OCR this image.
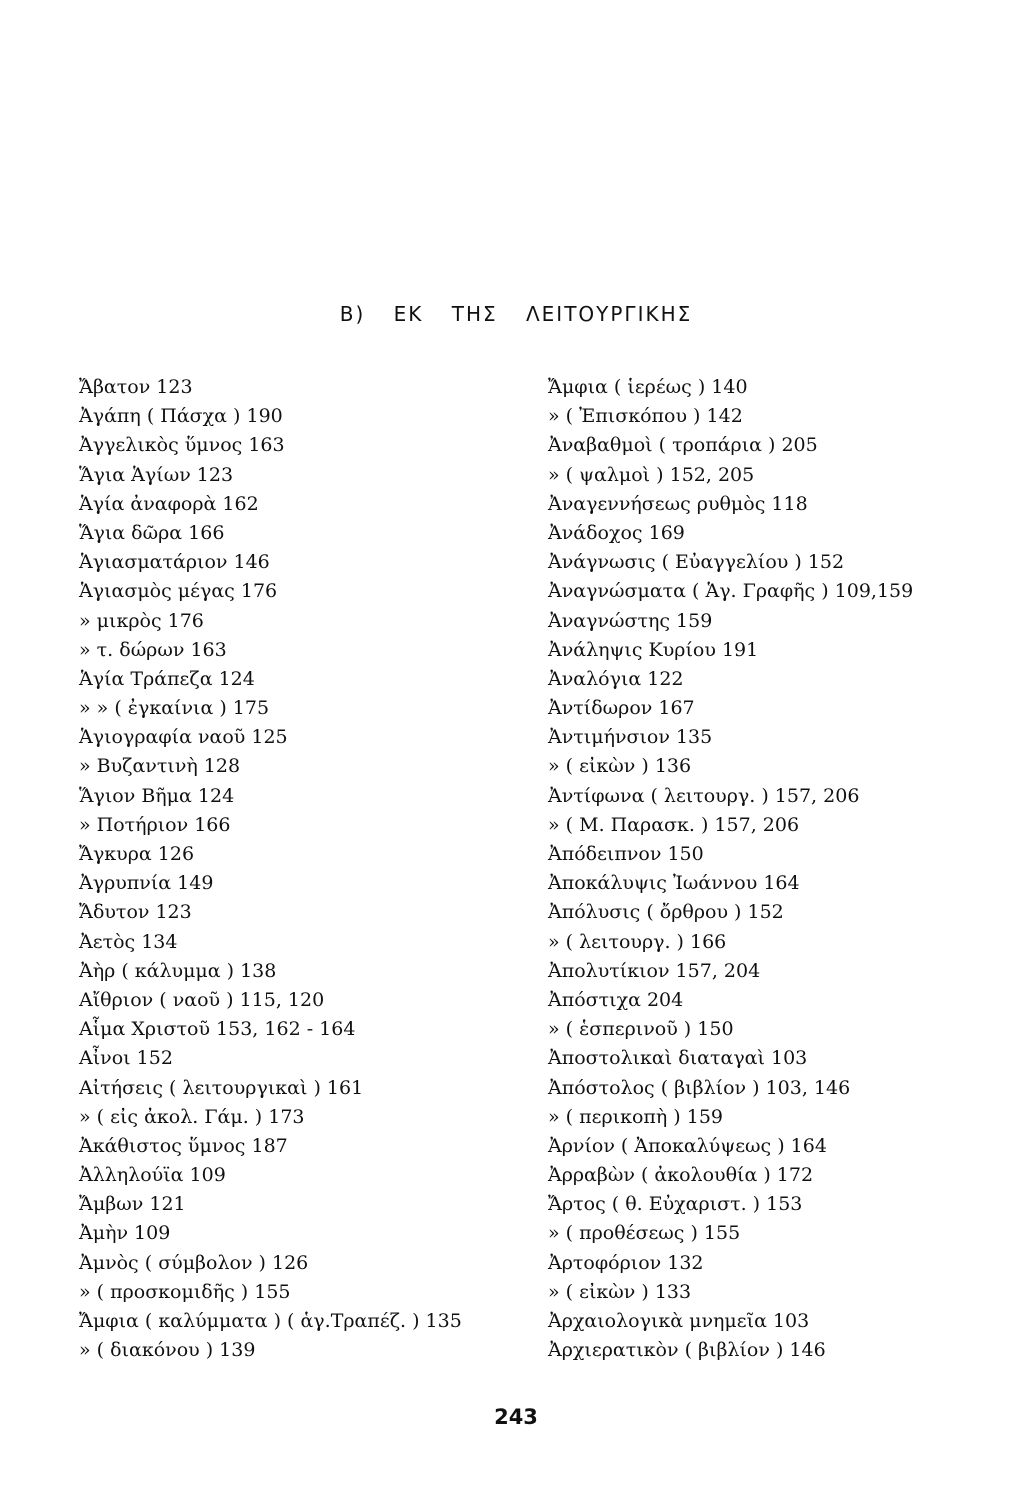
Β) ΕΚ ΤΗΣ ΛΕΙΤΟΥΡΓΙΚΗΣ
Ἄβατον 123
Ἀγάπη ( Πάσχα ) 190
Ἀγγελικὸς ὕμνος 163
Ἅγια Ἁγίων 123
Ἁγία ἀναφορὰ 162
Ἅγια δῶρα 166
Ἁγιασματάριον 146
Ἁγιασμὸς μέγας 176
» μικρὸς 176
» τ. δώρων 163
Ἁγία Τράπεζα 124
» » ( ἐγκαίνια ) 175
Ἁγιογραφία ναοῦ 125
» Βυζαντινὴ 128
Ἅγιον Βῆμα 124
» Ποτήριον 166
Ἄγκυρα 126
Ἀγρυπνία 149
Ἄδυτον 123
Ἀετὸς 134
Ἀὴρ ( κάλυμμα ) 138
Αἴθριον ( ναοῦ ) 115, 120
Αἷμα Χριστοῦ 153, 162 - 164
Αἶνοι 152
Αἰτήσεις ( λειτουργικαὶ ) 161
» ( εἰς ἀκολ. Γάμ. ) 173
Ἀκάθιστος ὕμνος 187
Ἀλληλούϊα 109
Ἄμβων 121
Ἀμὴν 109
Ἀμνὸς ( σύμβολον ) 126
» ( προσκομιδῆς ) 155
Ἄμφια ( καλύμματα ) ( ἁγ.Τραπέζ. ) 135
» ( διακόνου ) 139
Ἄμφια ( ἱερέως ) 140
» ( Ἐπισκόπου ) 142
Ἀναβαθμοὶ ( τροπάρια ) 205
» ( ψαλμοὶ ) 152, 205
Ἀναγεννήσεως ρυθμὸς 118
Ἀνάδοχος 169
Ἀνάγνωσις ( Εὐαγγελίου ) 152
Ἀναγνώσματα ( Ἁγ. Γραφῆς ) 109,159
Ἀναγνώστης 159
Ἀνάληψις Κυρίου 191
Ἀναλόγια 122
Ἀντίδωρον 167
Ἀντιμήνσιον 135
» ( εἰκὼν ) 136
Ἀντίφωνα ( λειτουργ. ) 157, 206
» ( Μ. Παρασκ. ) 157, 206
Ἀπόδειπνον 150
Ἀποκάλυψις Ἰωάννου 164
Ἀπόλυσις ( ὄρθρου ) 152
» ( λειτουργ. ) 166
Ἀπολυτίκιον 157, 204
Ἀπόστιχα 204
» ( ἑσπερινοῦ ) 150
Ἀποστολικαὶ διαταγαὶ 103
Ἀπόστολος ( βιβλίον ) 103, 146
» ( περικοπὴ ) 159
Ἀρνίον ( Ἀποκαλύψεως ) 164
Ἀρραβὼν ( ἀκολουθία ) 172
Ἄρτος ( θ. Εὐχαριστ. ) 153
» ( προθέσεως ) 155
Ἀρτοφόριον 132
» ( εἰκὼν ) 133
Ἀρχαιολογικὰ μνημεῖα 103
Ἀρχιερατικὸν ( βιβλίον ) 146
243
